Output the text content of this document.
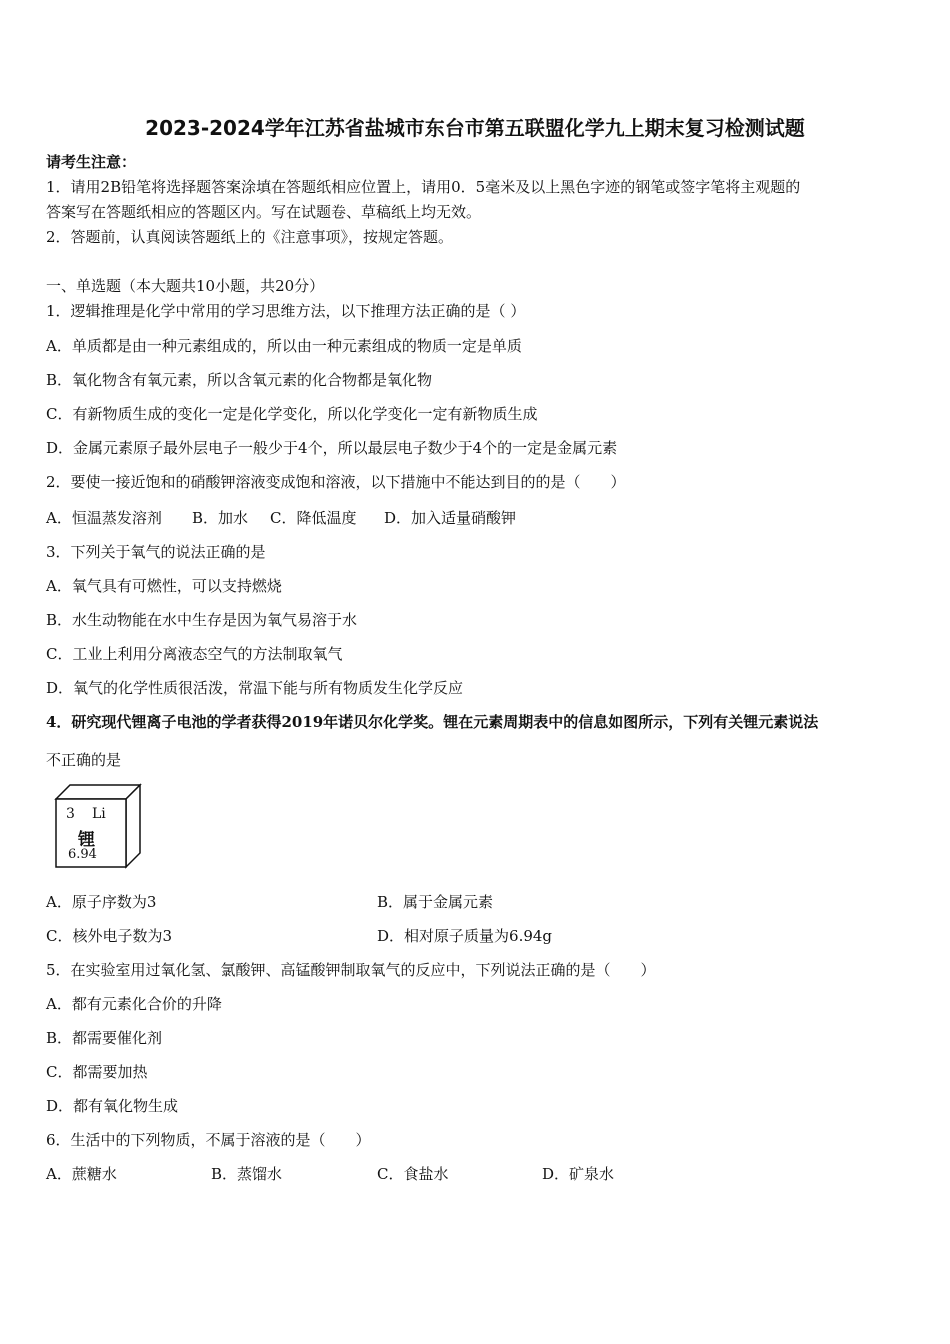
2023-2024学年江苏省盐城市东台市第五联盟化学九上期末复习检测试题
请考生注意：
1．请用2B铅笔将选择题答案涂填在答题纸相应位置上，请用0．5毫米及以上黑色字迹的钢笔或签字笔将主观题的
答案写在答题纸相应的答题区内。写在试题卷、草稿纸上均无效。
2．答题前，认真阅读答题纸上的《注意事项》，按规定答题。
一、单选题（本大题共10小题，共20分）
1．逻辑推理是化学中常用的学习思维方法，以下推理方法正确的是（ ）
A．单质都是由一种元素组成的，所以由一种元素组成的物质一定是单质
B．氧化物含有氧元素，所以含氧元素的化合物都是氧化物
C．有新物质生成的变化一定是化学变化，所以化学变化一定有新物质生成
D．金属元素原子最外层电子一般少于4个，所以最层电子数少于4个的一定是金属元素
2．要使一接近饱和的硝酸钾溶液变成饱和溶液，以下措施中不能达到目的的是（　　）
A．恒温蒸发溶剂 B．加水 C．降低温度 D．加入适量硝酸钾
3．下列关于氧气的说法正确的是
A．氧气具有可燃性，可以支持燃烧
B．水生动物能在水中生存是因为氧气易溶于水
C．工业上利用分离液态空气的方法制取氧气
D．氧气的化学性质很活泼，常温下能与所有物质发生化学反应
4．研究现代锂离子电池的学者获得2019年诺贝尔化学奖。锂在元素周期表中的信息如图所示，下列有关锂元素说法
不正确的是
3 Li
锂
6.94
A．原子序数为3	B．属于金属元素
C．核外电子数为3	D．相对原子质量为6.94g
5．在实验室用过氧化氢、氯酸钾、高锰酸钾制取氧气的反应中，下列说法正确的是（　　）
A．都有元素化合价的升降
B．都需要催化剂
C．都需要加热
D．都有氧化物生成
6．生活中的下列物质，不属于溶液的是（　　）
A．蔗糖水	B．蒸馏水	C．食盐水	D．矿泉水
